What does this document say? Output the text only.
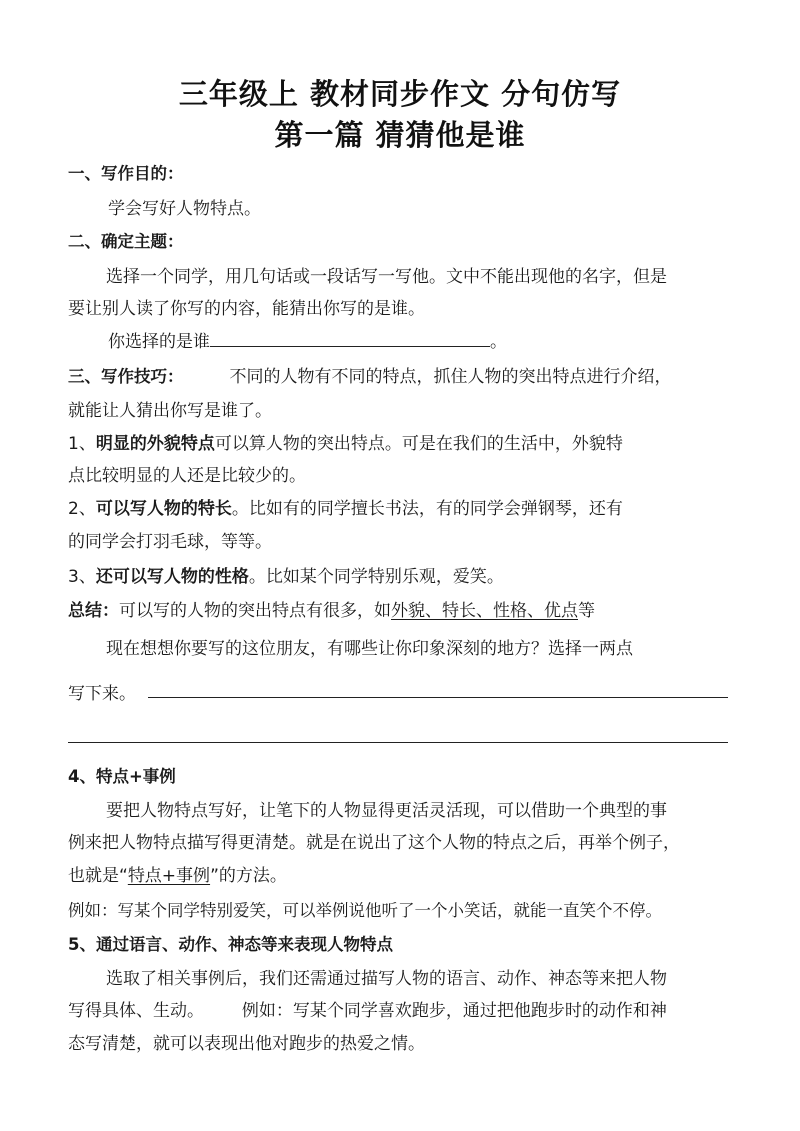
三年级上 教材同步作文 分句仿写
第一篇 猜猜他是谁
一、写作目的：
学会写好人物特点。
二、确定主题：
选择一个同学，用几句话或一段话写一写他。文中不能出现他的名字，但是
要让别人读了你写的内容，能猜出你写的是谁。
你选择的是谁	。
三、写作技巧：	不同的人物有不同的特点，抓住人物的突出特点进行介绍，
就能让人猜出你写是谁了。
1、明显的外貌特点可以算人物的突出特点。可是在我们的生活中，外貌特
点比较明显的人还是比较少的。
2、可以写人物的特长。比如有的同学擅长书法，有的同学会弹钢琴，还有
的同学会打羽毛球，等等。
3、还可以写人物的性格。比如某个同学特别乐观，爱笑。
总结：可以写的人物的突出特点有很多，如外貌、特长、性格、优点等
现在想想你要写的这位朋友，有哪些让你印象深刻的地方？选择一两点
写下来。
4、特点+事例
要把人物特点写好，让笔下的人物显得更活灵活现，可以借助一个典型的事
例来把人物特点描写得更清楚。就是在说出了这个人物的特点之后，再举个例子，
也就是“特点+事例”的方法。
例如：写某个同学特别爱笑，可以举例说他听了一个小笑话，就能一直笑个不停。
5、通过语言、动作、神态等来表现人物特点
选取了相关事例后，我们还需通过描写人物的语言、动作、神态等来把人物
写得具体、生动。       例如：写某个同学喜欢跑步，通过把他跑步时的动作和神
态写清楚，就可以表现出他对跑步的热爱之情。
